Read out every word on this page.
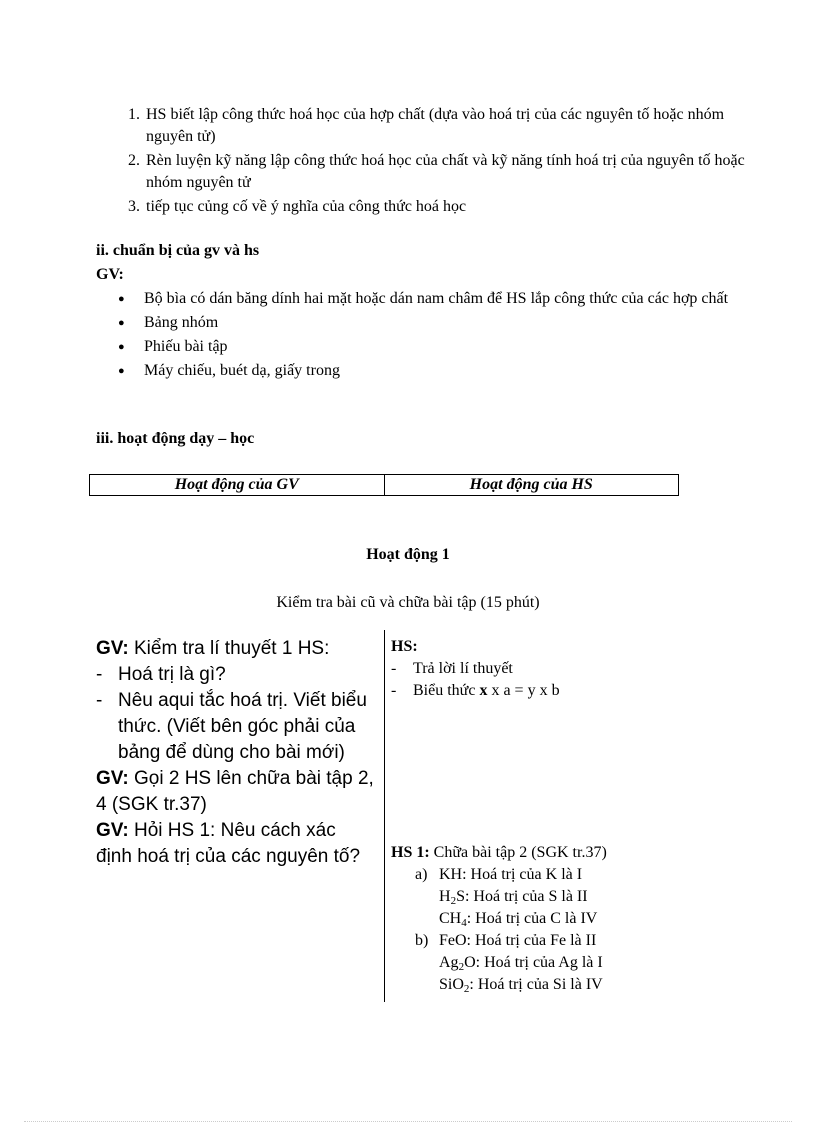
1. HS biết lập công thức hoá học của hợp chất (dựa vào hoá trị của các nguyên tố hoặc nhóm nguyên tử)
2. Rèn luyện kỹ năng lập công thức hoá học của chất và kỹ năng tính hoá trị của nguyên tố hoặc nhóm nguyên tử
3. tiếp tục củng cố về ý nghĩa của công thức hoá học
ii. chuẩn bị của gv và hs
GV:
● Bộ bìa có dán băng dính hai mặt hoặc dán nam châm để HS lắp công thức của các hợp chất
● Bảng nhóm
● Phiếu bài tập
● Máy chiếu, buét dạ, giấy trong
iii. hoạt động dạy – học
Hoạt động của GV	Hoạt động của HS
Hoạt động 1
Kiểm tra bài cũ và chữa bài tập (15 phút)

GV: Kiểm tra lí thuyết 1 HS:

- Hoá trị là gì?

- Nêu aqui tắc hoá trị. Viết biểu thức. (Viết bên góc phải của bảng để dùng cho bài mới)

GV: Gọi 2 HS lên chữa bài tập 2, 4 (SGK tr.37)

GV: Hỏi HS 1: Nêu cách xác định hoá trị của các nguyên tố?

HS:

- Trả lời lí thuyết

- Biểu thức x x a = y x b

HS 1: Chữa bài tập 2 (SGK tr.37)

a) KH: Hoá trị của K là I

$H_2S$: Hoá trị của S là II

$CH_4$: Hoá trị của C là IV

b) FeO: Hoá trị của Fe là II

$Ag_2O$: Hoá trị của Ag là I

SiO$_2$: Hoá trị của Si là IV
